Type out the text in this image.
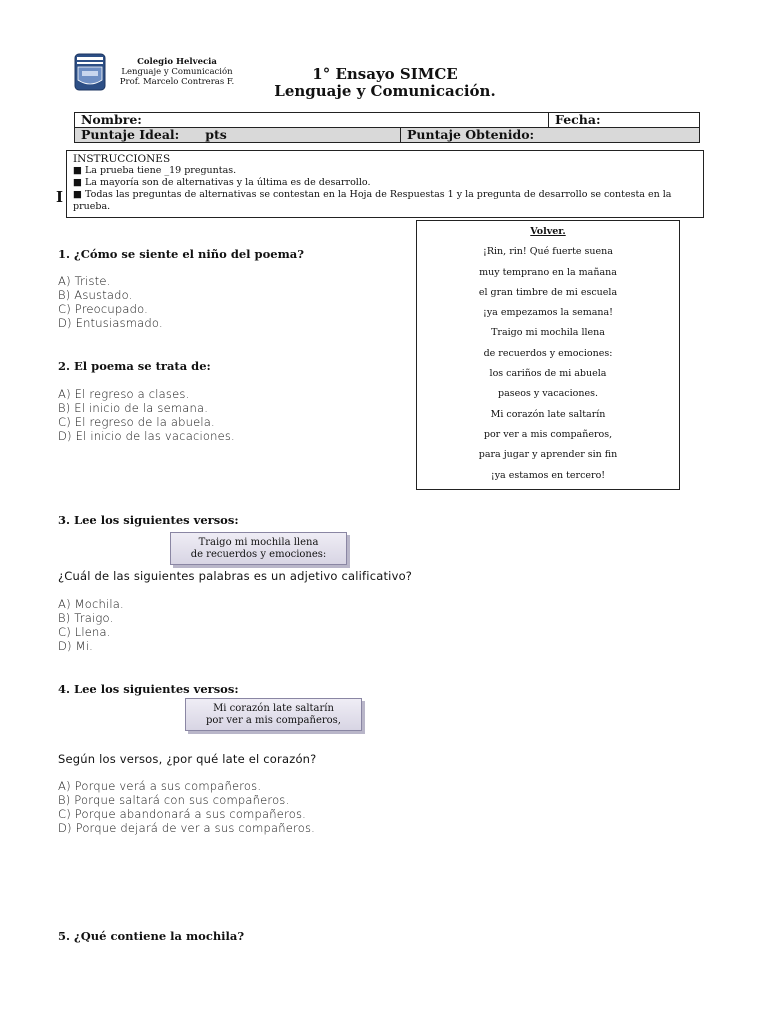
Colegio Helvecia
Lenguaje y Comunicación
Prof. Marcelo Contreras F.	1° Ensayo SIMCE
Lenguaje y Comunicación.
Nombre:	Fecha:
Puntaje Ideal: pts	Puntaje Obtenido:
I
INSTRUCCIONES
■ La prueba tiene _19 preguntas.
■ La mayoría son de alternativas y la última es de desarrollo.
■ Todas las preguntas de alternativas se contestan en la Hoja de Respuestas 1 y la pregunta de desarrollo se contesta en la prueba.
Volver.
¡Rin, rin! Qué fuerte suena
muy temprano en la mañana
el gran timbre de mi escuela
¡ya empezamos la semana!
Traigo mi mochila llena
de recuerdos y emociones:
los cariños de mi abuela
paseos y vacaciones.
Mi corazón late saltarín
por ver a mis compañeros,
para jugar y aprender sin fin
¡ya estamos en tercero!
1. ¿Cómo se siente el niño del poema?
A) Triste.
B) Asustado.
C) Preocupado.
D) Entusiasmado.
2. El poema se trata de:
A) El regreso a clases.
B) El inicio de la semana.
C) El regreso de la abuela.
D) El inicio de las vacaciones.
3. Lee los siguientes versos:
Traigo mi mochila llena
de recuerdos y emociones:
¿Cuál de las siguientes palabras es un adjetivo calificativo?
A) Mochila.
B) Traigo.
C) Llena.
D) Mi.
4. Lee los siguientes versos:
Mi corazón late saltarín
por ver a mis compañeros,
Según los versos, ¿por qué late el corazón?
A) Porque verá a sus compañeros.
B) Porque saltará con sus compañeros.
C) Porque abandonará a sus compañeros.
D) Porque dejará de ver a sus compañeros.
5. ¿Qué contiene la mochila?
